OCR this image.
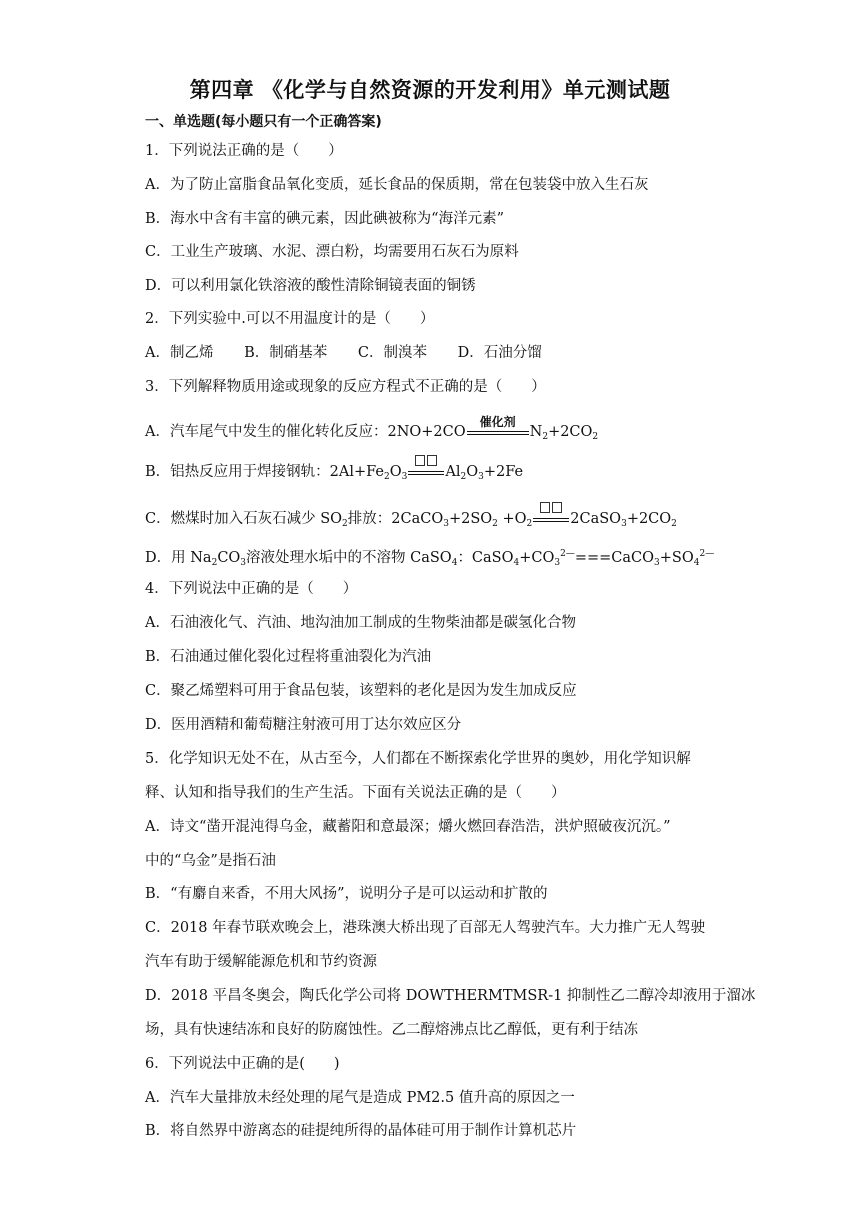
第四章 《化学与自然资源的开发利用》单元测试题
一、单选题(每小题只有一个正确答案)
1．下列说法正确的是（　　）
A．为了防止富脂食品氧化变质，延长食品的保质期，常在包装袋中放入生石灰
B．海水中含有丰富的碘元素，因此碘被称为“海洋元素”
C．工业生产玻璃、水泥、漂白粉，均需要用石灰石为原料
D．可以利用氯化铁溶液的酸性清除铜镜表面的铜锈
2．下列实验中.可以不用温度计的是（　　）
A．制乙烯 B．制硝基苯 C．制溴苯 D．石油分馏
3．下列解释物质用途或现象的反应方程式不正确的是（　　）
A．汽车尾气中发生的催化转化反应：2NO+2CO
催化剂
$N_2+2CO_2$
B．铝热反应用于焊接钢轨：$2Al+Fe_2O_3$	$Al_2O_3+2Fe$
C．燃煤时加入石灰石减少 $SO_2$排放：$2CaCO_3+2SO_2 +O_2$	$2CaSO_3+2CO_2$
D．用 $Na_2CO_3$溶液处理水垢中的不溶物 CaSO$_4$：$CaSO_4+CO_3^{2—}===CaCO_3+SO_4^{2—}$
4．下列说法中正确的是（　　）
A．石油液化气、汽油、地沟油加工制成的生物柴油都是碳氢化合物
B．石油通过催化裂化过程将重油裂化为汽油
C．聚乙烯塑料可用于食品包装，该塑料的老化是因为发生加成反应
D．医用酒精和葡萄糖注射液可用丁达尔效应区分
5．化学知识无处不在，从古至今，人们都在不断探索化学世界的奥妙，用化学知识解
释、认知和指导我们的生产生活。下面有关说法正确的是（　　）
A．诗文“凿开混沌得乌金，藏蓄阳和意最深；爝火燃回春浩浩，洪炉照破夜沉沉。”
中的“乌金”是指石油
B．“有麝自来香，不用大风扬”，说明分子是可以运动和扩散的
C．2018 年春节联欢晚会上，港珠澳大桥出现了百部无人驾驶汽车。大力推广无人驾驶
汽车有助于缓解能源危机和节约资源
D．2018 平昌冬奥会，陶氏化学公司将 DOWTHERMTMSR-1 抑制性乙二醇冷却液用于溜冰
场，具有快速结冻和良好的防腐蚀性。乙二醇熔沸点比乙醇低，更有利于结冻
6．下列说法中正确的是(　　)
A．汽车大量排放未经处理的尾气是造成 PM2.5 值升高的原因之一
B．将自然界中游离态的硅提纯所得的晶体硅可用于制作计算机芯片
